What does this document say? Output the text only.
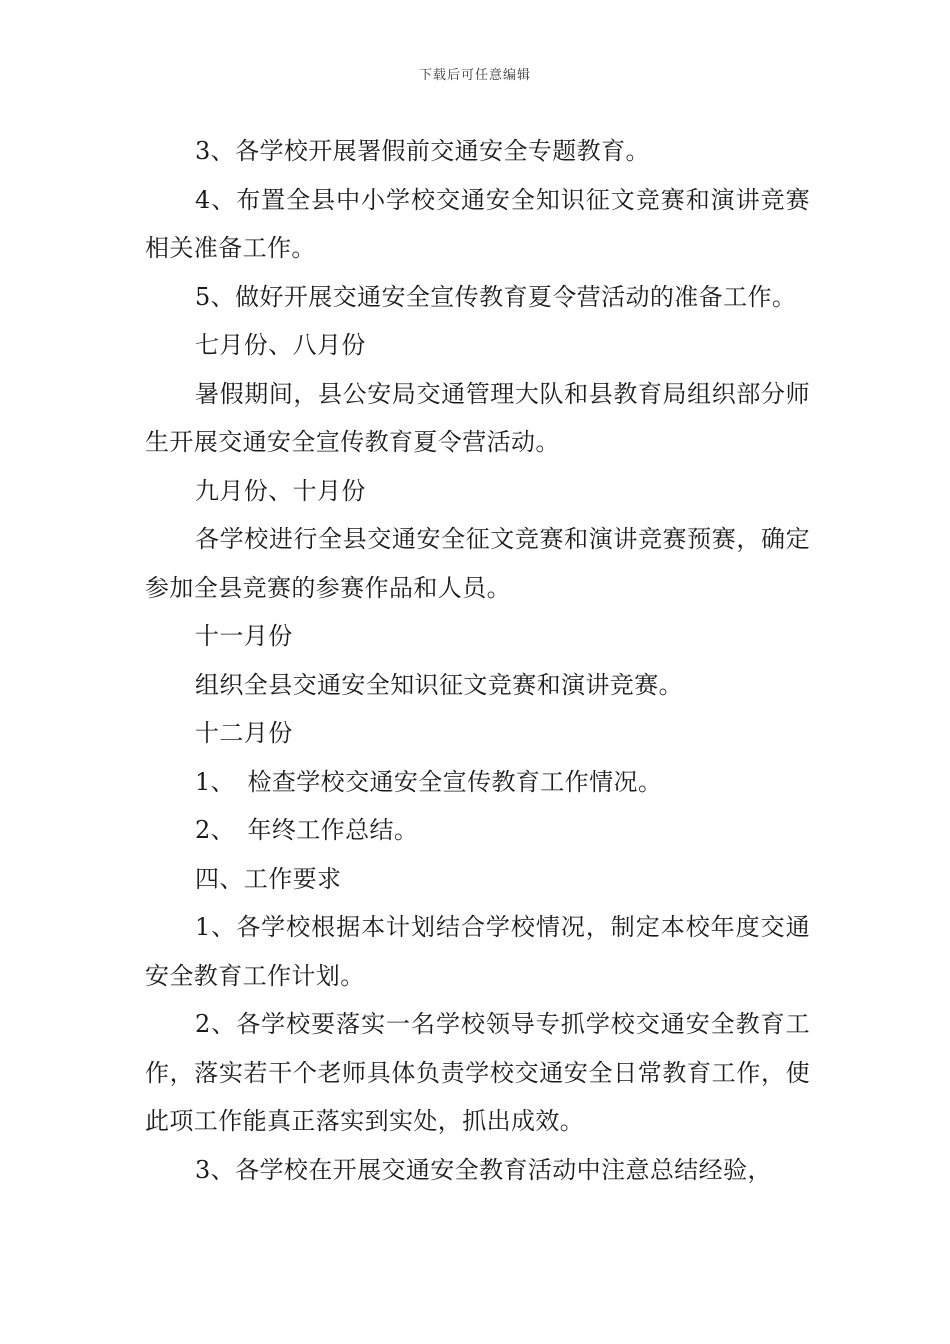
下载后可任意编辑

3、各学校开展署假前交通安全专题教育。

4、布置全县中小学校交通安全知识征文竞赛和演讲竞赛相关准备工作。

5、做好开展交通安全宣传教育夏令营活动的准备工作。

七月份、八月份

暑假期间，县公安局交通管理大队和县教育局组织部分师生开展交通安全宣传教育夏令营活动。

九月份、十月份

各学校进行全县交通安全征文竞赛和演讲竞赛预赛，确定参加全县竞赛的参赛作品和人员。

十一月份

组织全县交通安全知识征文竞赛和演讲竞赛。

十二月份

1、　检查学校交通安全宣传教育工作情况。

2、　年终工作总结。

四、工作要求

1、各学校根据本计划结合学校情况，制定本校年度交通安全教育工作计划。

2、各学校要落实一名学校领导专抓学校交通安全教育工作，落实若干个老师具体负责学校交通安全日常教育工作，使此项工作能真正落实到实处，抓出成效。

3、各学校在开展交通安全教育活动中注意总结经验，
